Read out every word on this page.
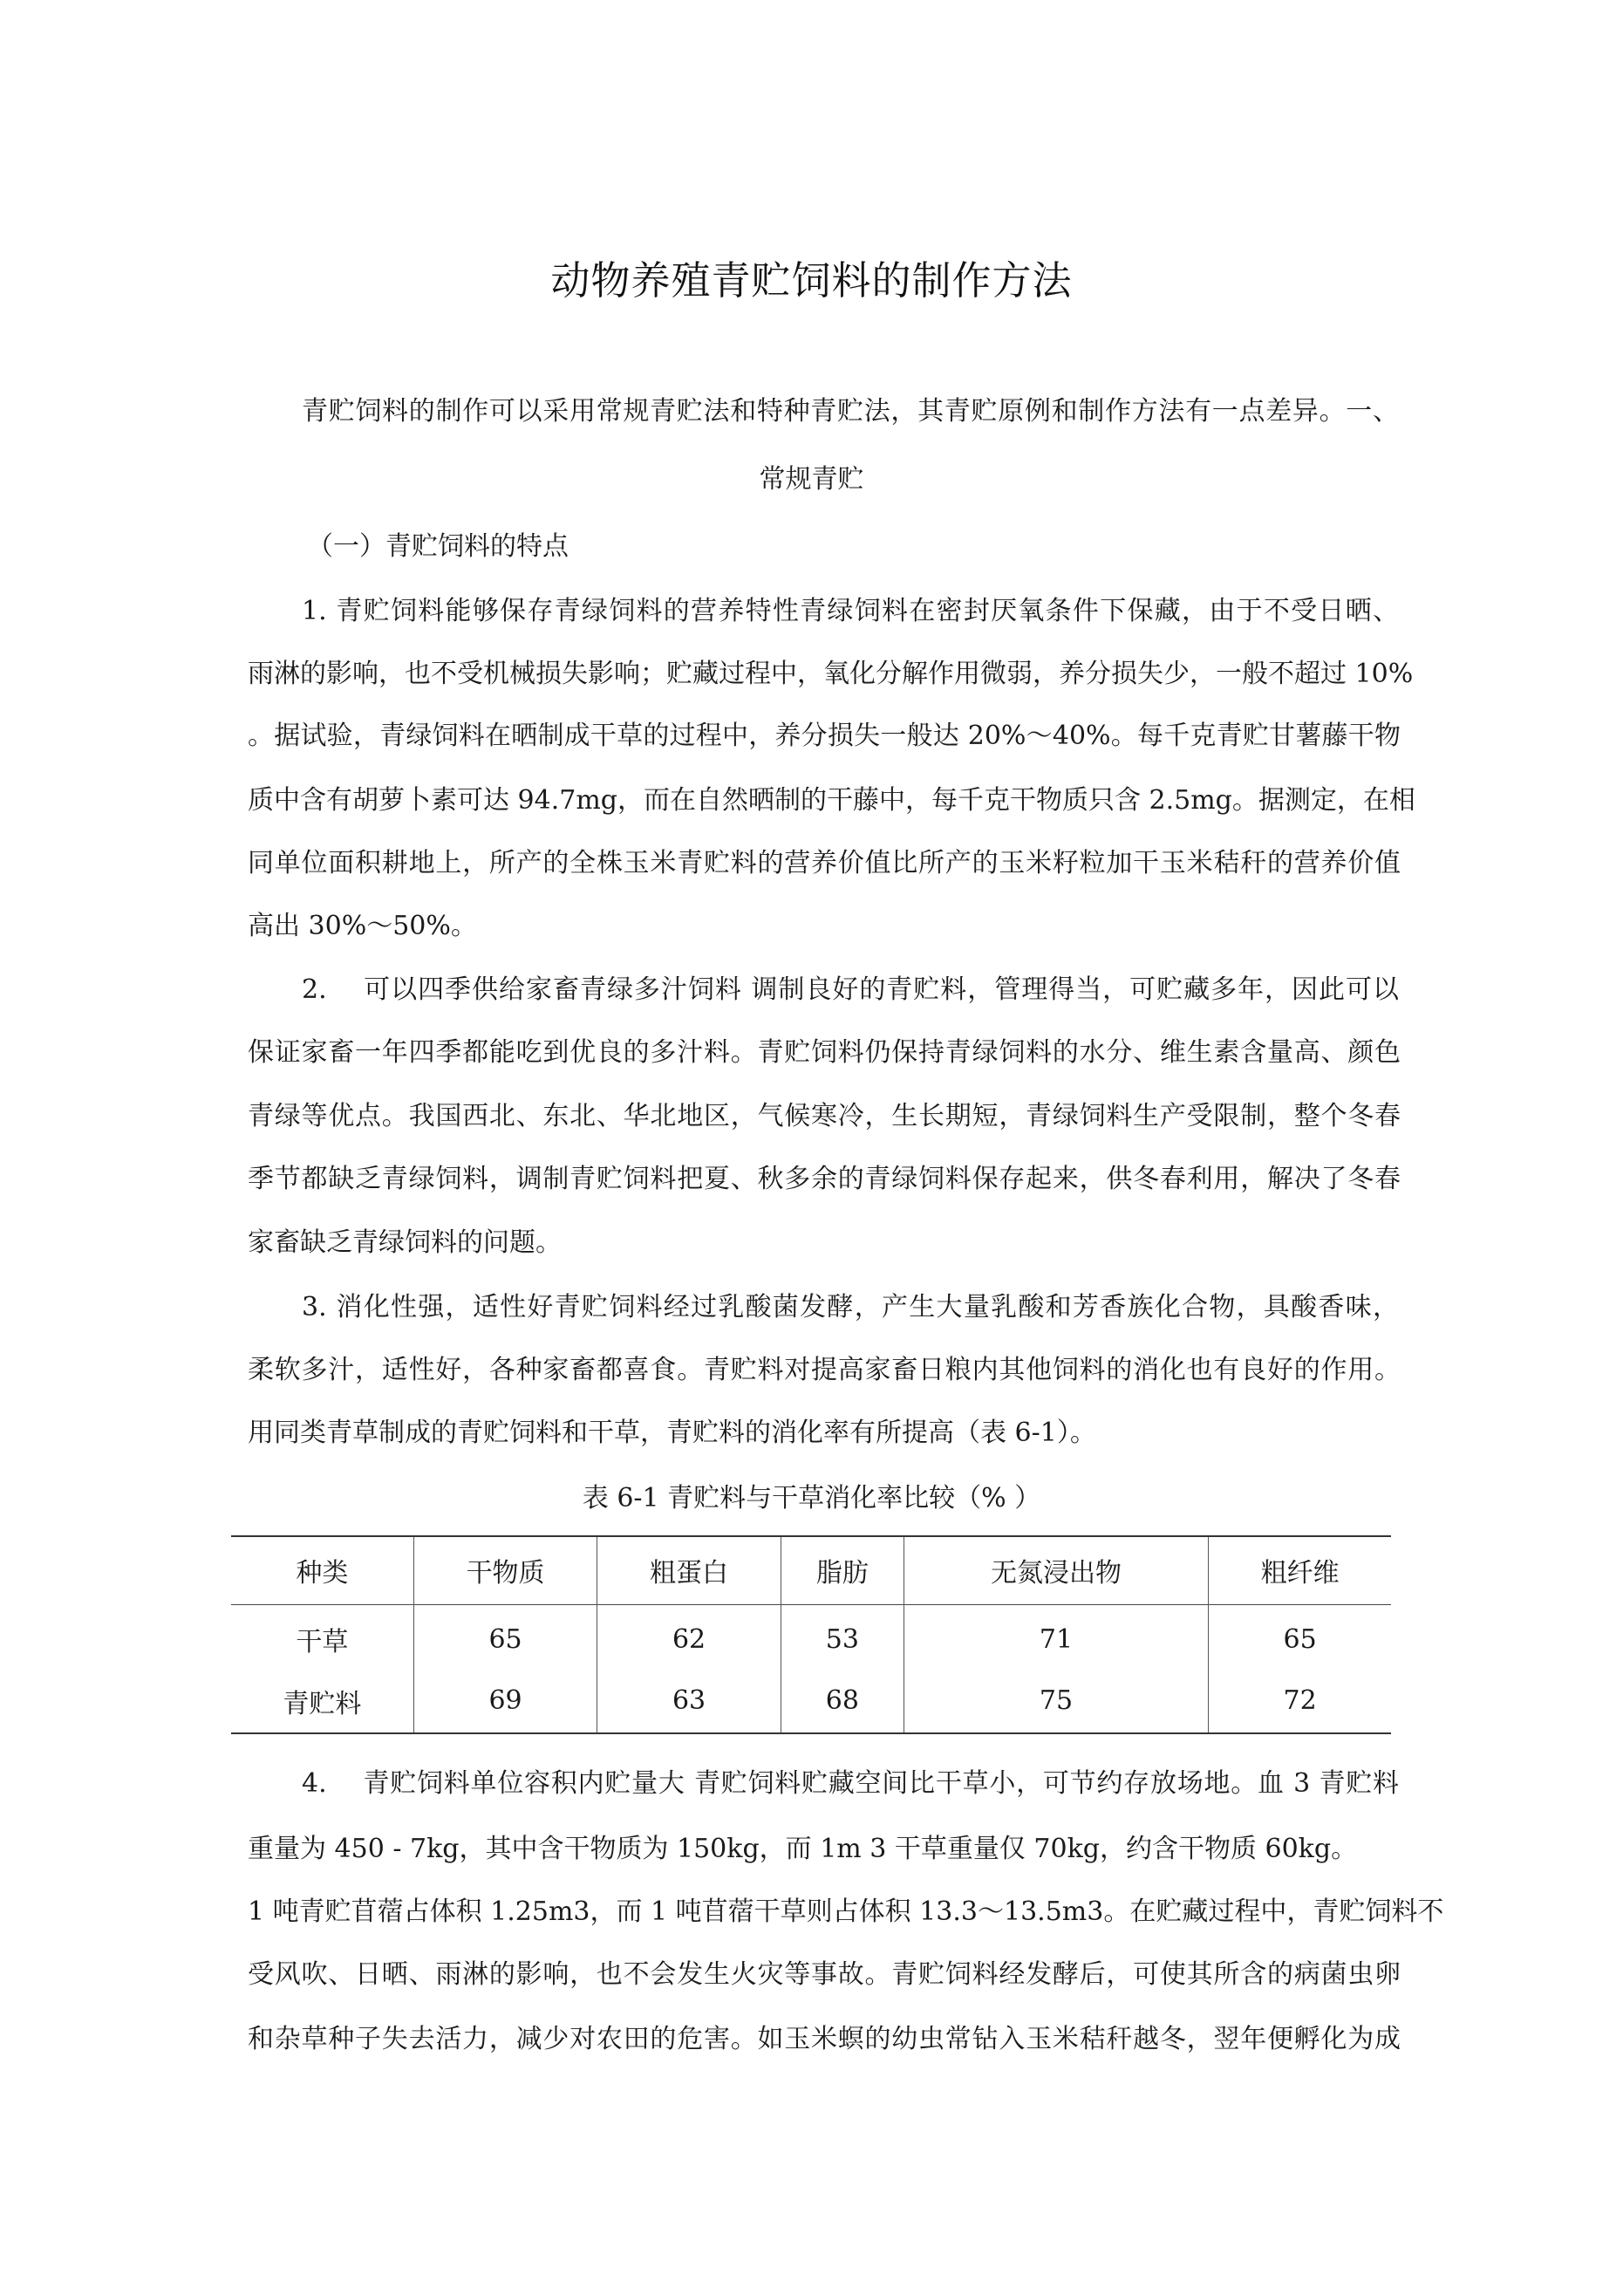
动物养殖青贮饲料的制作方法
青贮饲料的制作可以采用常规青贮法和特种青贮法，其青贮原例和制作方法有一点差异。一、
常规青贮
（一）青贮饲料的特点
1. 青贮饲料能够保存青绿饲料的营养特性青绿饲料在密封厌氧条件下保藏，由于不受日晒、
雨淋的影响，也不受机械损失影响；贮藏过程中，氧化分解作用微弱，养分损失少，一般不超过 10%
。据试验，青绿饲料在晒制成干草的过程中，养分损失一般达 20%〜40%。每千克青贮甘薯藤干物
质中含有胡萝卜素可达 94.7mg，而在自然晒制的干藤中，每千克干物质只含 2.5mg。据测定，在相
同单位面积耕地上，所产的全株玉米青贮料的营养价值比所产的玉米籽粒加干玉米秸秆的营养价值
高出 30%〜50%。
2.　 可以四季供给家畜青绿多汁饲料 调制良好的青贮料，管理得当，可贮藏多年，因此可以
保证家畜一年四季都能吃到优良的多汁料。青贮饲料仍保持青绿饲料的水分、维生素含量高、颜色
青绿等优点。我国西北、东北、华北地区，气候寒冷，生长期短，青绿饲料生产受限制，整个冬春
季节都缺乏青绿饲料，调制青贮饲料把夏、秋多余的青绿饲料保存起来，供冬春利用，解决了冬春
家畜缺乏青绿饲料的问题。
3. 消化性强，适性好青贮饲料经过乳酸菌发酵，产生大量乳酸和芳香族化合物，具酸香味，
柔软多汁，适性好，各种家畜都喜食。青贮料对提高家畜日粮内其他饲料的消化也有良好的作用。
用同类青草制成的青贮饲料和干草，青贮料的消化率有所提高（表 6-1）。
表 6-1 青贮料与干草消化率比较（% ）
种类	干物质	粗蛋白	脂肪	无氮浸出物	粗纤维
干草	65	62	53	71	65
青贮料	69	63	68	75	72
4.　 青贮饲料单位容积内贮量大 青贮饲料贮藏空间比干草小，可节约存放场地。血 3 青贮料
重量为 450 - 7kg，其中含干物质为 150kg，而 1m 3 干草重量仅 70kg，约含干物质 60kg。
1 吨青贮苜蓿占体积 1.25m3，而 1 吨苜蓿干草则占体积 13.3〜13.5m3。在贮藏过程中，青贮饲料不
受风吹、日晒、雨淋的影响，也不会发生火灾等事故。青贮饲料经发酵后，可使其所含的病菌虫卵
和杂草种子失去活力，减少对农田的危害。如玉米螟的幼虫常钻入玉米秸秆越冬，翌年便孵化为成
